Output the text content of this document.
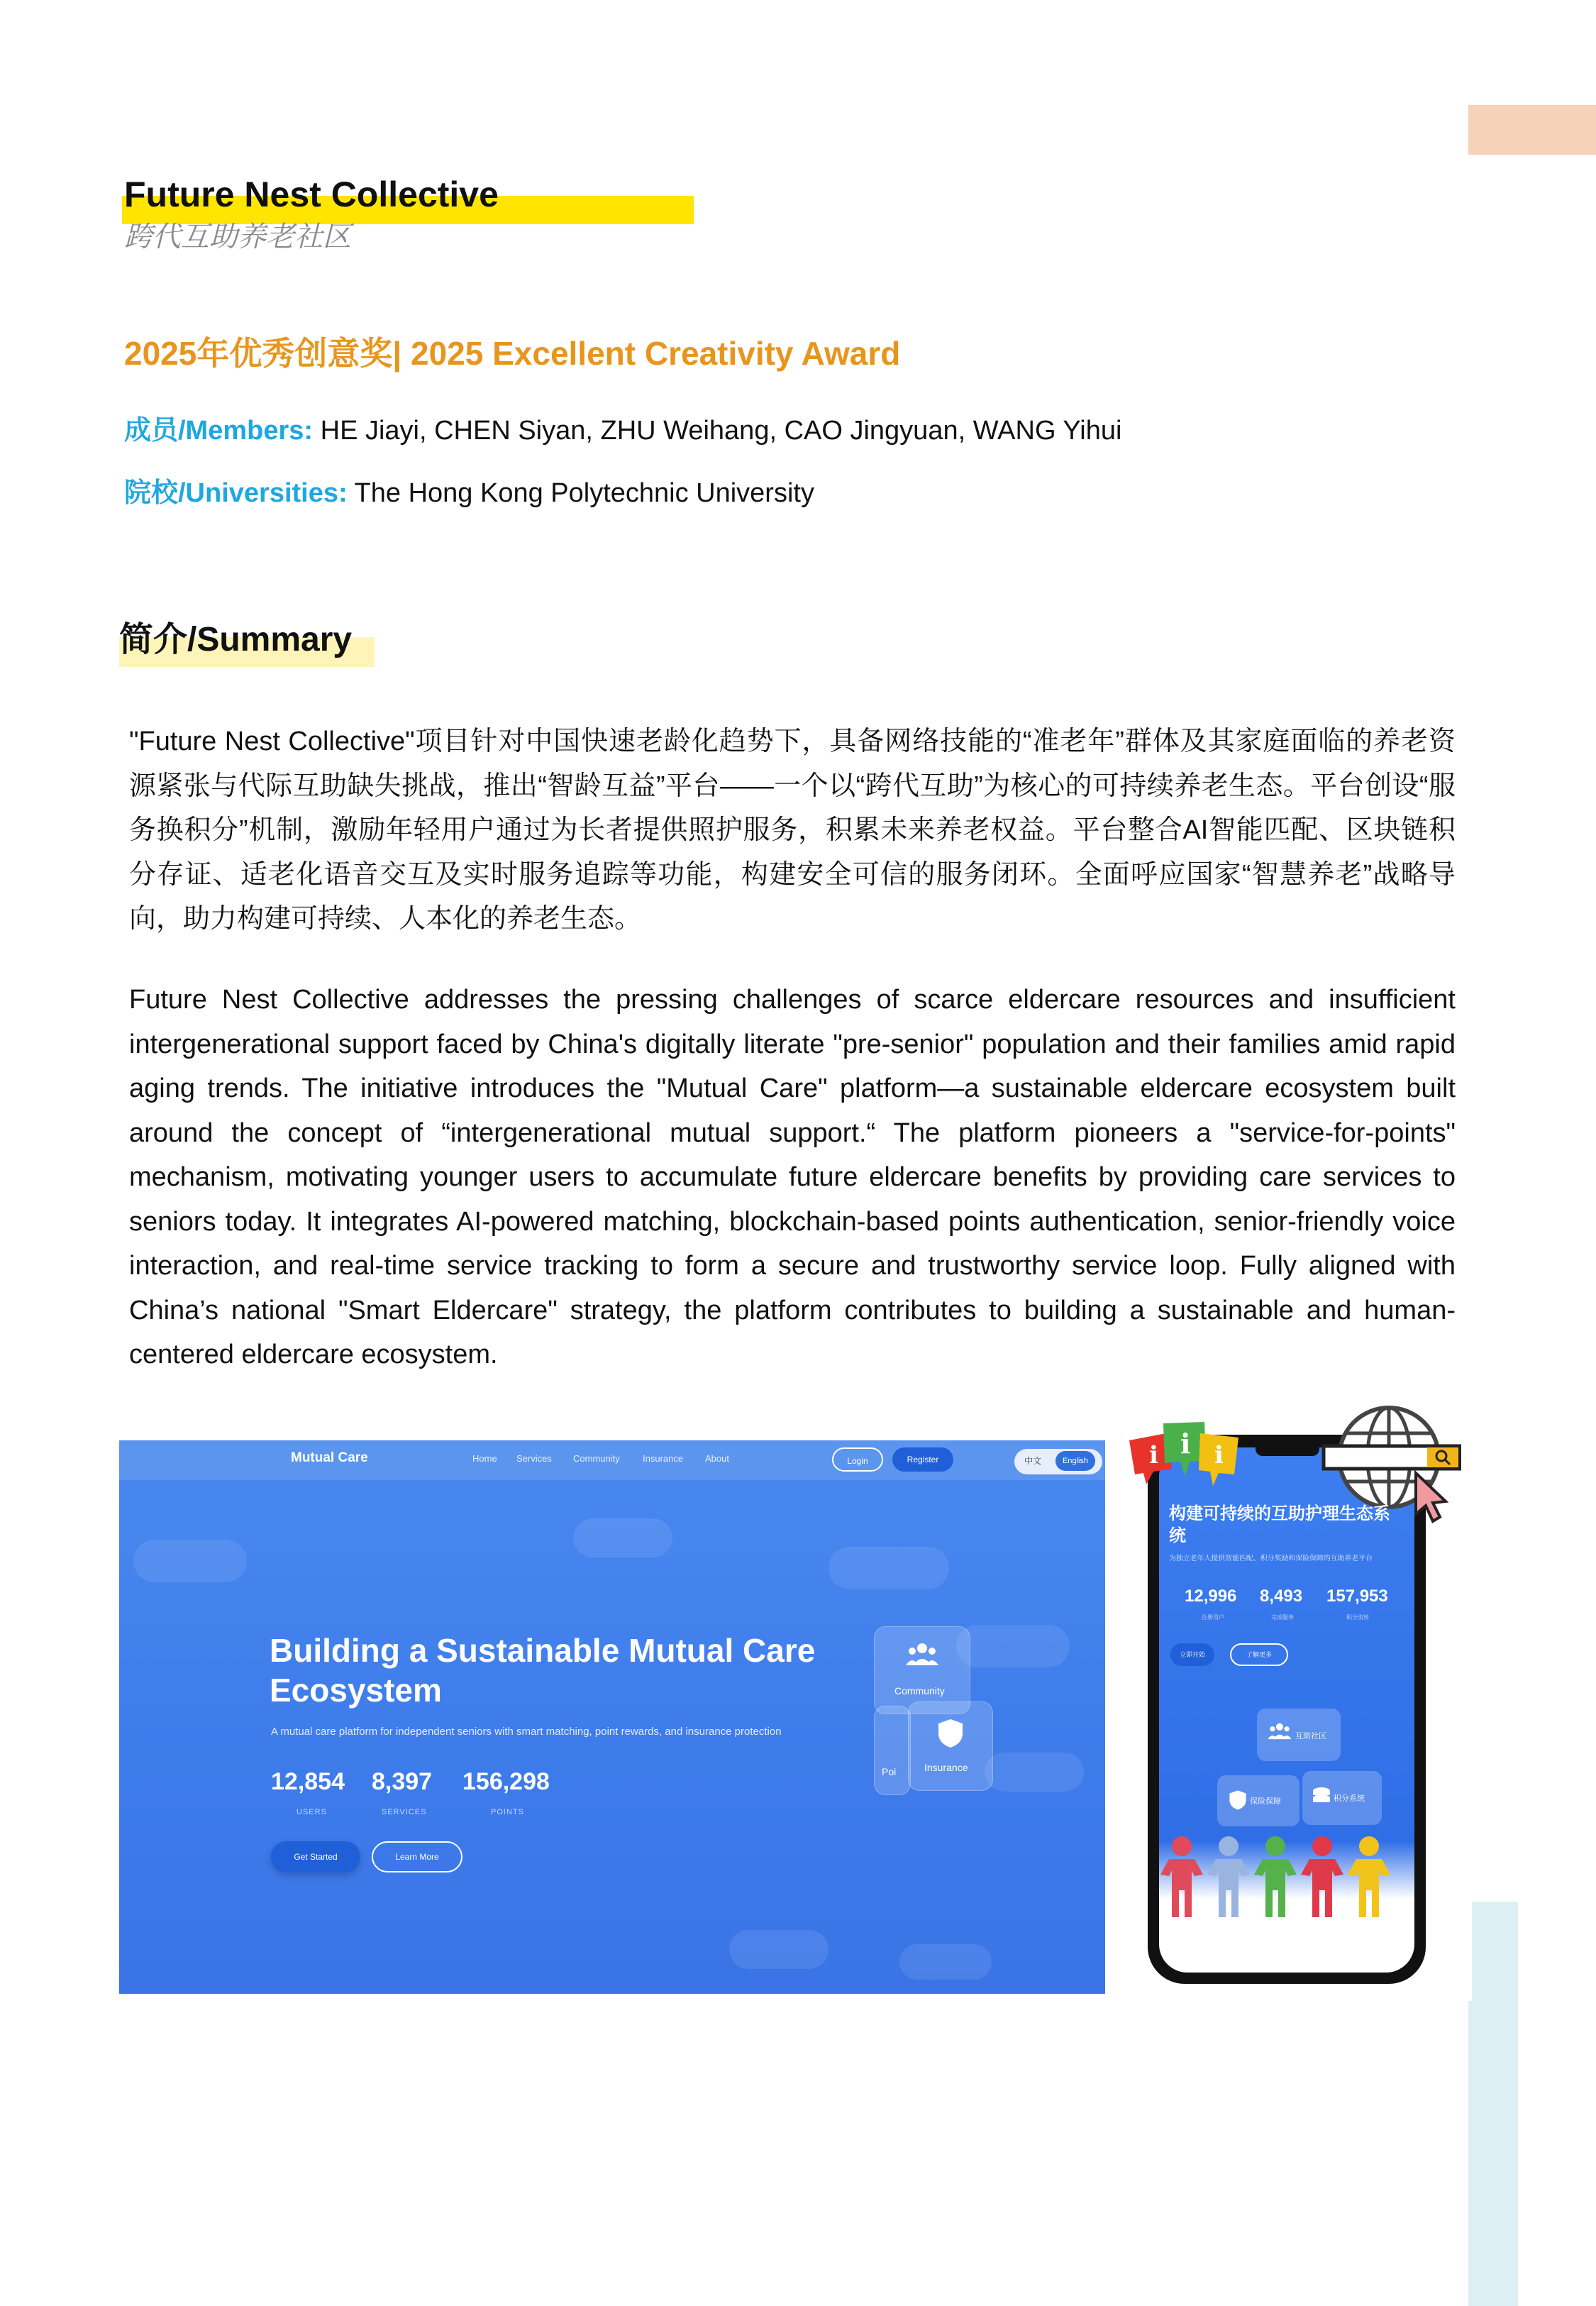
Future Nest Collective
跨代互助养老社区
2025年优秀创意奖| 2025 Excellent Creativity Award
成员/Members: HE Jiayi, CHEN Siyan, ZHU Weihang, CAO Jingyuan, WANG Yihui
院校/Universities: The Hong Kong Polytechnic University
简介/Summary

"Future Nest Collective"项目针对中国快速老龄化趋势下，具备网络技能的“准老年”群体及其家庭面临的养老资源紧张与代际互助缺失挑战，推出“智龄互益”平台——一个以“跨代互助”为核心的可持续养老生态。平台创设“服务换积分”机制，激励年轻用户通过为长者提供照护服务，积累未来养老权益。平台整合AI智能匹配、区块链积分存证、适老化语音交互及实时服务追踪等功能，构建安全可信的服务闭环。全面呼应国家“智慧养老”战略导向，助力构建可持续、人本化的养老生态。

Future Nest Collective addresses the pressing challenges of scarce eldercare resources and insufficient intergenerational support faced by China's digitally literate "pre-senior" population and their families amid rapid aging trends. The initiative introduces the "Mutual Care" platform—a sustainable eldercare ecosystem built around the concept of “intergenerational mutual support.“ The platform pioneers a "service-for-points" mechanism, motivating younger users to accumulate future eldercare benefits by providing care services to seniors today. It integrates AI-powered matching, blockchain-based points authentication, senior-friendly voice interaction, and real-time service tracking to form a secure and trustworthy service loop. Fully aligned with China’s national "Smart Eldercare" strategy, the platform contributes to building a sustainable and human-centered eldercare ecosystem.

Mutual Care	Home Services Community Insurance About	Login	Register	中文	English
Building a Sustainable Mutual Care Ecosystem
A mutual care platform for independent seniors with smart matching, point rewards, and insurance protection
12,854
USERS
8,397
SERVICES
156,298
POINTS
Get Started	Learn More
Community
Poi	Insurance
i i i
构建可持续的互助护理生态系统
为独立老年人提供智能匹配、积分奖励和保险保障的互助养老平台
12,996
注册用户
8,493
完成服务
157,953
积分流转
立即开始	了解更多
互助社区
保险保障	积分系统
